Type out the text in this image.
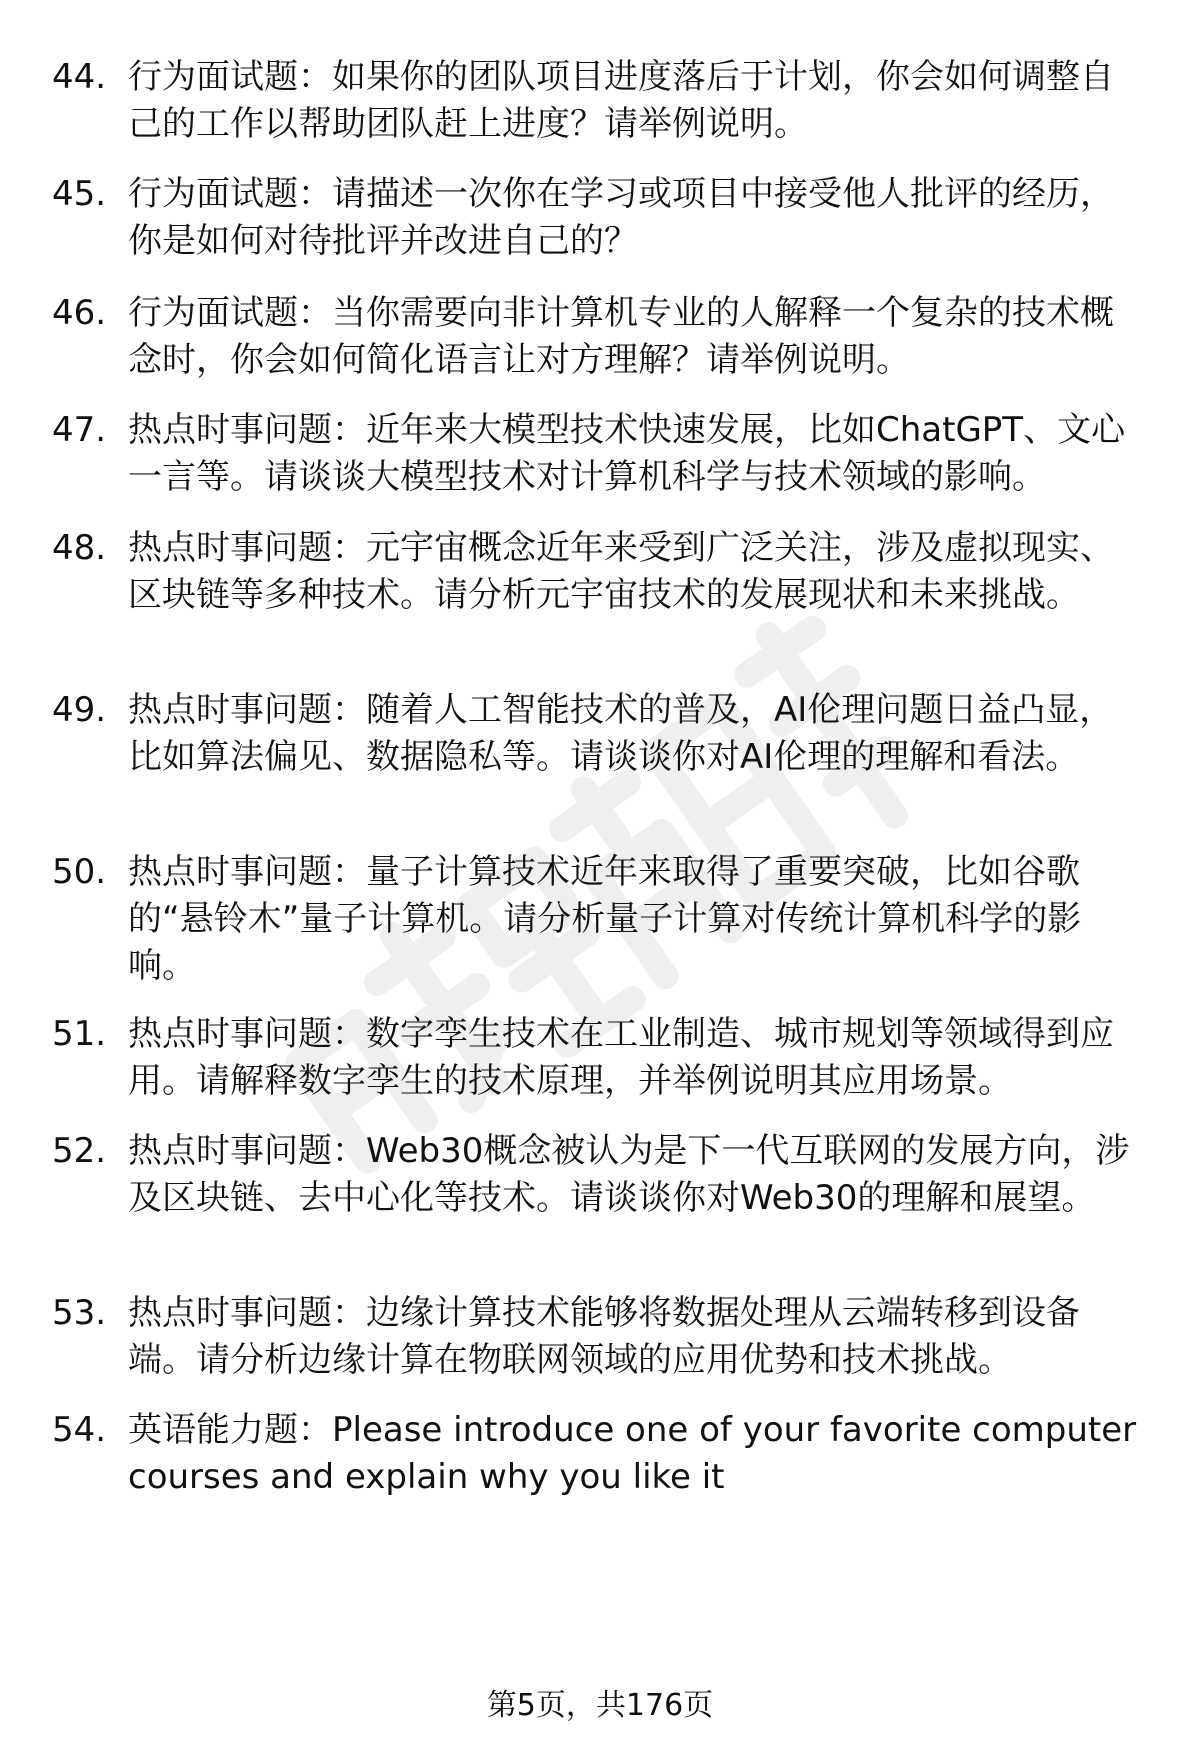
44. 行为面试题：如果你的团队项目进度落后于计划，你会如何调整自己的工作以帮助团队赶上进度？请举例说明。
45. 行为面试题：请描述一次你在学习或项目中接受他人批评的经历，你是如何对待批评并改进自己的？
46. 行为面试题：当你需要向非计算机专业的人解释一个复杂的技术概念时，你会如何简化语言让对方理解？请举例说明。
47. 热点时事问题：近年来大模型技术快速发展，比如ChatGPT、文心一言等。请谈谈大模型技术对计算机科学与技术领域的影响。
48. 热点时事问题：元宇宙概念近年来受到广泛关注，涉及虚拟现实、区块链等多种技术。请分析元宇宙技术的发展现状和未来挑战。
49. 热点时事问题：随着人工智能技术的普及，AI伦理问题日益凸显，比如算法偏见、数据隐私等。请谈谈你对AI伦理的理解和看法。
50. 热点时事问题：量子计算技术近年来取得了重要突破，比如谷歌的“悬铃木”量子计算机。请分析量子计算对传统计算机科学的影响。
51. 热点时事问题：数字孪生技术在工业制造、城市规划等领域得到应用。请解释数字孪生的技术原理，并举例说明其应用场景。
52. 热点时事问题：Web30概念被认为是下一代互联网的发展方向，涉及区块链、去中心化等技术。请谈谈你对Web30的理解和展望。
53. 热点时事问题：边缘计算技术能够将数据处理从云端转移到设备端。请分析边缘计算在物联网领域的应用优势和技术挑战。
54. 英语能力题：Please introduce one of your favorite computer courses and explain why you like it
第5页，共176页
